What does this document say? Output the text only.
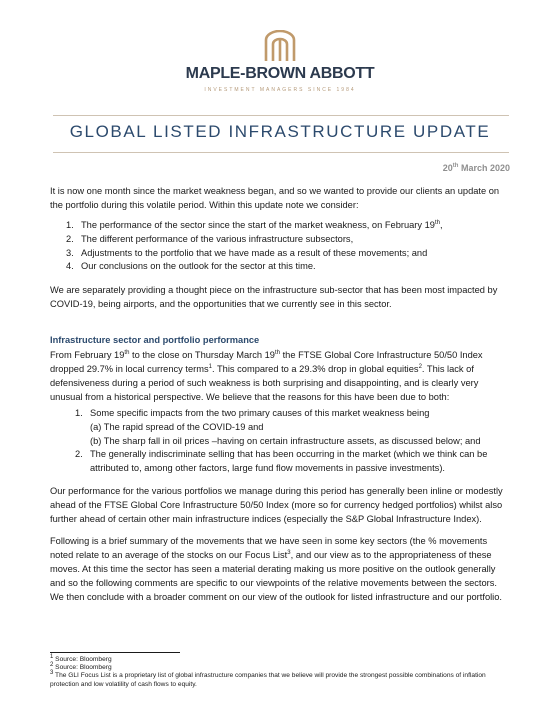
MAPLE-BROWN ABBOTT
INVESTMENT MANAGERS SINCE 1984
GLOBAL LISTED INFRASTRUCTURE UPDATE
20th March 2020

It is now one month since the market weakness began, and so we wanted to provide our clients an update on the portfolio during this volatile period. Within this update note we consider:

1. The performance of the sector since the start of the market weakness, on February 19th,
2. The different performance of the various infrastructure subsectors,
3. Adjustments to the portfolio that we have made as a result of these movements; and
4. Our conclusions on the outlook for the sector at this time.

We are separately providing a thought piece on the infrastructure sub-sector that has been most impacted by COVID-19, being airports, and the opportunities that we currently see in this sector.

Infrastructure sector and portfolio performance

From February 19th to the close on Thursday March 19th the FTSE Global Core Infrastructure 50/50 Index dropped 29.7% in local currency terms$^1$. This compared to a 29.3% drop in global equities$^2$. This lack of defensiveness during a period of such weakness is both surprising and disappointing, and is clearly very unusual from a historical perspective. We believe that the reasons for this have been due to both:

1. Some specific impacts from the two primary causes of this market weakness being
(a) The rapid spread of the COVID-19 and
(b) The sharp fall in oil prices –having on certain infrastructure assets, as discussed below; and
2. The generally indiscriminate selling that has been occurring in the market (which we think can be attributed to, among other factors, large fund flow movements in passive investments).

Our performance for the various portfolios we manage during this period has generally been inline or modestly ahead of the FTSE Global Core Infrastructure 50/50 Index (more so for currency hedged portfolios) whilst also further ahead of certain other main infrastructure indices (especially the S&P Global Infrastructure Index).

Following is a brief summary of the movements that we have seen in some key sectors (the % movements noted relate to an average of the stocks on our Focus List$^3$, and our view as to the appropriateness of these moves. At this time the sector has seen a material derating making us more positive on the outlook generally and so the following comments are specific to our viewpoints of the relative movements between the sectors. We then conclude with a broader comment on our view of the outlook for listed infrastructure and our portfolio.

$^1$ Source: Bloomberg
$^2$ Source: Bloomberg
$^3$ The GLI Focus List is a proprietary list of global infrastructure companies that we believe will provide the strongest possible combinations of inflation protection and low volatility of cash flows to equity.
